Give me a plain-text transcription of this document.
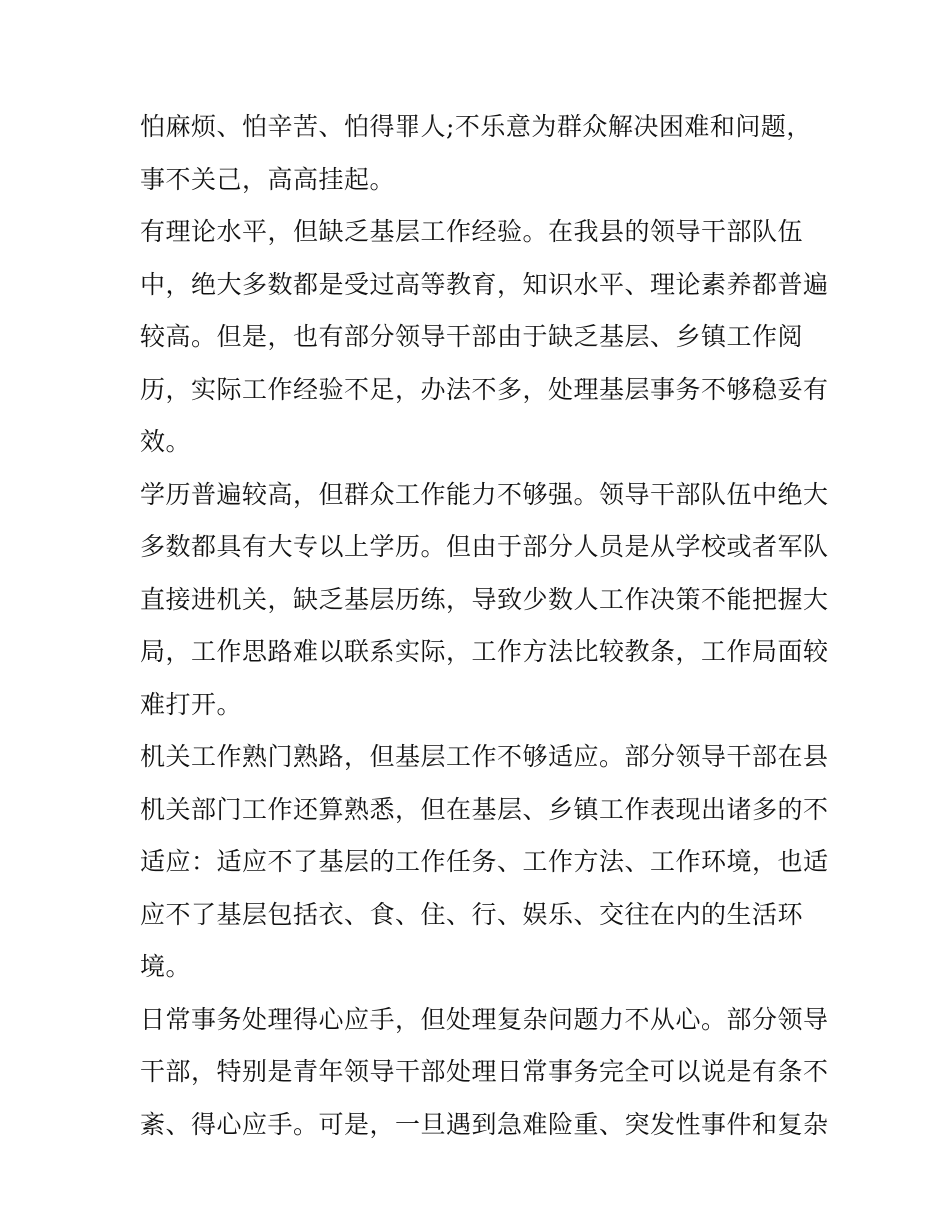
怕麻烦、怕辛苦、怕得罪人;不乐意为群众解决困难和问题，
事不关己，高高挂起。
有理论水平，但缺乏基层工作经验。在我县的领导干部队伍
中，绝大多数都是受过高等教育，知识水平、理论素养都普遍
较高。但是，也有部分领导干部由于缺乏基层、乡镇工作阅
历，实际工作经验不足，办法不多，处理基层事务不够稳妥有
效。
学历普遍较高，但群众工作能力不够强。领导干部队伍中绝大
多数都具有大专以上学历。但由于部分人员是从学校或者军队
直接进机关，缺乏基层历练，导致少数人工作决策不能把握大
局，工作思路难以联系实际，工作方法比较教条，工作局面较
难打开。
机关工作熟门熟路，但基层工作不够适应。部分领导干部在县
机关部门工作还算熟悉，但在基层、乡镇工作表现出诸多的不
适应：适应不了基层的工作任务、工作方法、工作环境，也适
应不了基层包括衣、食、住、行、娱乐、交往在内的生活环
境。
日常事务处理得心应手，但处理复杂问题力不从心。部分领导
干部，特别是青年领导干部处理日常事务完全可以说是有条不
紊、得心应手。可是，一旦遇到急难险重、突发性事件和复杂
